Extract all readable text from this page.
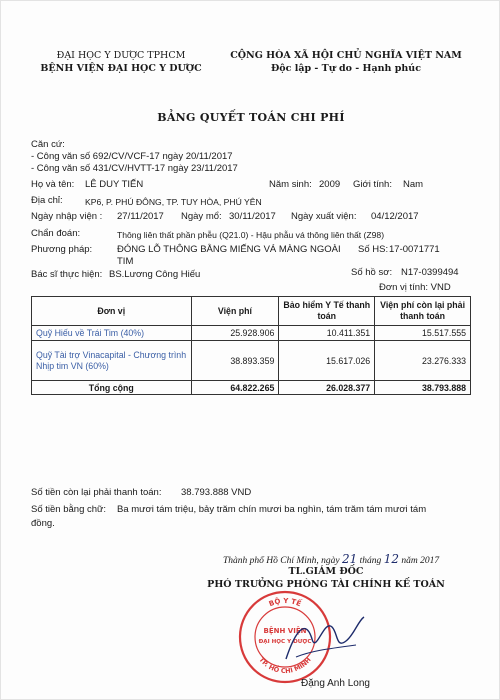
ĐẠI HỌC Y DƯỢC TPHCM
BỆNH VIỆN ĐẠI HỌC Y DƯỢC
CỘNG HÒA XÃ HỘI CHỦ NGHĨA VIỆT NAM
Độc lập - Tự do - Hạnh phúc
BẢNG QUYẾT TOÁN CHI PHÍ
Căn cứ:
- Công văn số 692/CV/VCF-17 ngày 20/11/2017
- Công văn số 431/CV/HVTT-17 ngày 23/11/2017
Họ và tên: LÊ DUY TIẾN	Năm sinh: 2009 Giới tính: Nam
Địa chỉ:	KP6, P. PHÚ ĐÔNG, TP. TUY HÒA, PHÚ YÊN
Ngày nhập viện : 27/11/2017 Ngày mổ: 30/11/2017 Ngày xuất viện: 04/12/2017
Chẩn đoán:	Thông liên thất phần phễu (Q21.0) - Hậu phẫu vá thông liên thất (Z98)
Phương pháp:	ĐÓNG LỖ THÔNG BẰNG MIẾNG VÁ MÀNG NGOÀI
TIM
Số HS: 17-0071771
Bác sĩ thực hiện: BS.Lương Công Hiếu	Số hồ sơ: N17-0399494
Đơn vị tính: VND
Đơn vị	Viện phí	Bảo hiểm Y Tế thanh toán	Viện phí còn lại phải thanh toán
Quỹ Hiếu về Trái Tim (40%)	25.928.906	10.411.351	15.517.555
Quỹ Tài trợ Vinacapital - Chương trình Nhịp tim VN (60%)	38.893.359	15.617.026	23.276.333
Tổng cộng	64.822.265	26.028.377	38.793.888
Số tiền còn lại phải thanh toán: 38.793.888 VND
Số tiền bằng chữ: Ba mươi tám triệu, bảy trăm chín mươi ba nghìn, tám trăm tám mươi tám
đồng.
Thành phố Hồ Chí Minh, ngày 21 tháng 12 năm 2017
TL.GIÁM ĐỐC
PHÓ TRƯỞNG PHÒNG TÀI CHÍNH KẾ TOÁN
BỘ Y TẾ
TP. HỒ CHÍ MINH
BỆNH VIỆN
ĐẠI HỌC Y DƯỢC
Đặng Anh Long
